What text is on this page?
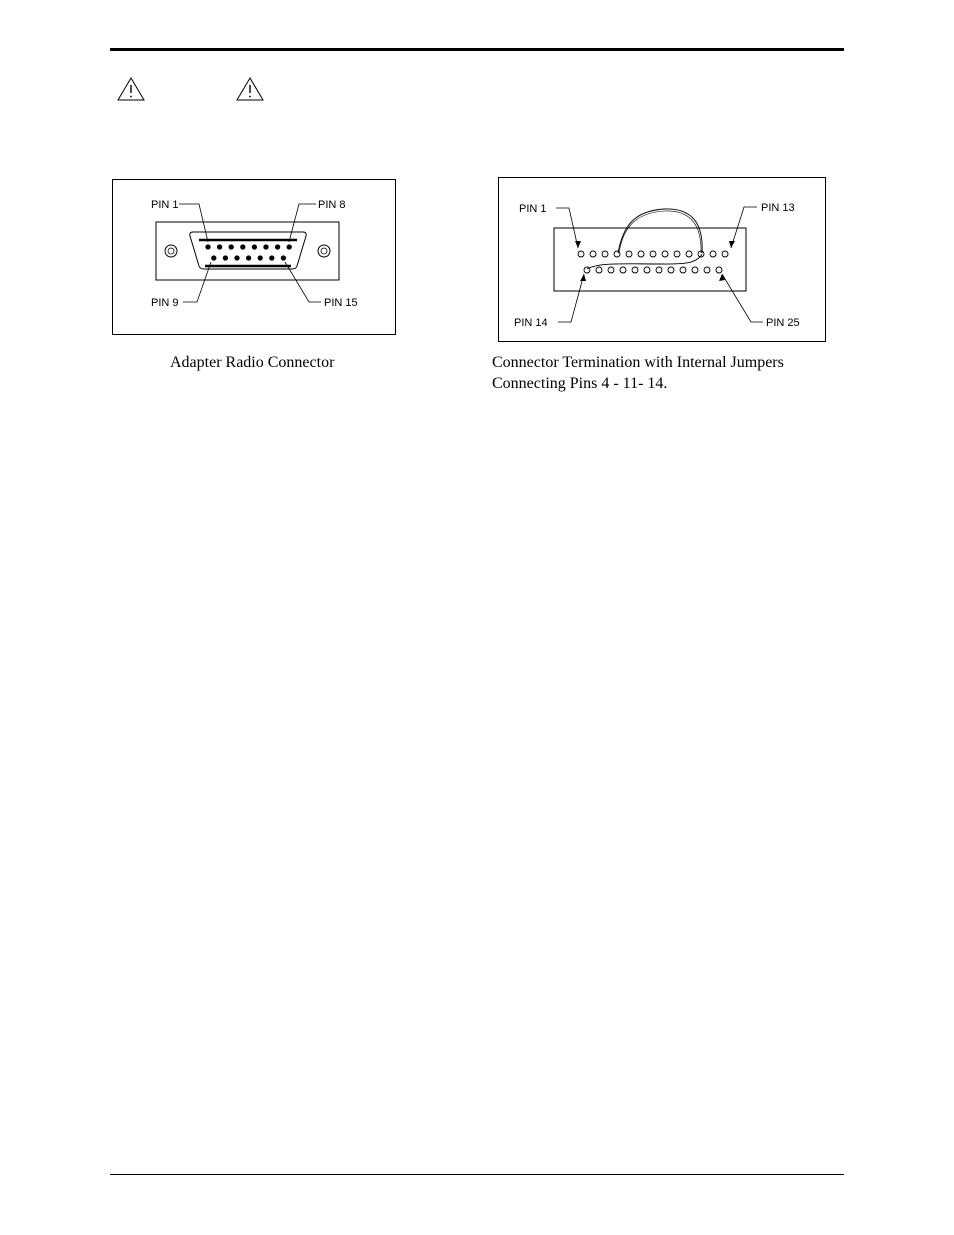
PIN 1	PIN 8
PIN 9	PIN 15
Adapter Radio Connector
PIN 1	PIN 13
PIN 14	PIN 25
Connector Termination with Internal Jumpers
Connecting Pins 4 - 11- 14.
